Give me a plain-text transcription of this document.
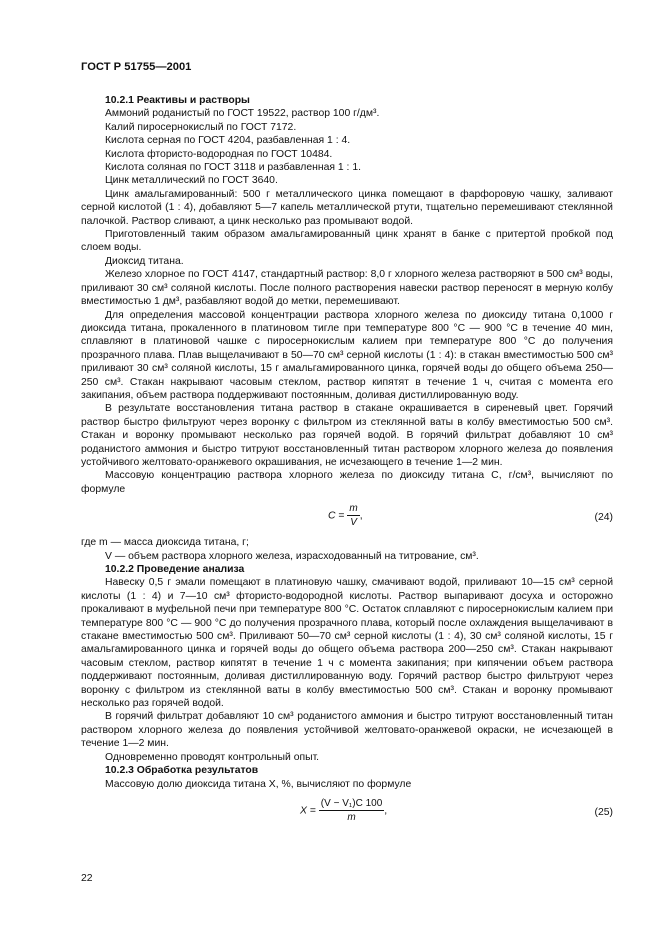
ГОСТ Р 51755—2001

10.2.1 Реактивы и растворы

Аммоний роданистый по ГОСТ 19522, раствор 100 г/дм³.

Калий пиросернокислый по ГОСТ 7172.

Кислота серная по ГОСТ 4204, разбавленная 1 : 4.

Кислота фтористо-водородная по ГОСТ 10484.

Кислота соляная по ГОСТ 3118 и разбавленная 1 : 1.

Цинк металлический по ГОСТ 3640.

Цинк амальгамированный: 500 г металлического цинка помещают в фарфоровую чашку, заливают серной кислотой (1 : 4), добавляют 5—7 капель металлической ртути, тщательно перемешивают стеклянной палочкой. Раствор сливают, а цинк несколько раз промывают водой.

Приготовленный таким образом амальгамированный цинк хранят в банке с притертой пробкой под слоем воды.

Диоксид титана.

Железо хлорное по ГОСТ 4147, стандартный раствор: 8,0 г хлорного железа растворяют в 500 см³ воды, приливают 30 см³ соляной кислоты. После полного растворения навески раствор переносят в мерную колбу вместимостью 1 дм³, разбавляют водой до метки, перемешивают.

Для определения массовой концентрации раствора хлорного железа по диоксиду титана 0,1000 г диоксида титана, прокаленного в платиновом тигле при температуре 800 °С — 900 °С в течение 40 мин, сплавляют в платиновой чашке с пиросернокислым калием при температуре 800 °С до получения прозрачного плава. Плав выщелачивают в 50—70 см³ серной кислоты (1 : 4): в стакан вместимостью 500 см³ приливают 30 см³ соляной кислоты, 15 г амальгамированного цинка, горячей воды до общего объема 250—250 см³. Стакан накрывают часовым стеклом, раствор кипятят в течение 1 ч, считая с момента его закипания, объем раствора поддерживают постоянным, доливая дистиллированную воду.

В результате восстановления титана раствор в стакане окрашивается в сиреневый цвет. Горячий раствор быстро фильтруют через воронку с фильтром из стеклянной ваты в колбу вместимостью 500 см³. Стакан и воронку промывают несколько раз горячей водой. В горячий фильтрат добавляют 10 см³ роданистого аммония и быстро титруют восстановленный титан раствором хлорного железа до появления устойчивого желтовато-оранжевого окрашивания, не исчезающего в течение 1—2 мин.

Массовую концентрацию раствора хлорного железа по диоксиду титана С, г/см³, вычисляют по формуле

$C = \frac{m}{V}$ ,	(24)

где m — масса диоксида титана, г;

V — объем раствора хлорного железа, израсходованный на титрование, см³.

10.2.2 Проведение анализа

Навеску 0,5 г эмали помещают в платиновую чашку, смачивают водой, приливают 10—15 см³ серной кислоты (1 : 4) и 7—10 см³ фтористо-водородной кислоты. Раствор выпаривают досуха и осторожно прокаливают в муфельной печи при температуре 800 °С. Остаток сплавляют с пиросернокислым калием при температуре 800 °С — 900 °С до получения прозрачного плава, который после охлаждения выщелачивают в стакане вместимостью 500 см³. Приливают 50—70 см³ серной кислоты (1 : 4), 30 см³ соляной кислоты, 15 г амальгамированного цинка и горячей воды до общего объема раствора 200—250 см³. Стакан накрывают часовым стеклом, раствор кипятят в течение 1 ч с момента закипания; при кипячении объем раствора поддерживают постоянным, доливая дистиллированную воду. Горячий раствор быстро фильтруют через воронку с фильтром из стеклянной ваты в колбу вместимостью 500 см³. Стакан и воронку промывают несколько раз горячей водой.

В горячий фильтрат добавляют 10 см³ роданистого аммония и быстро титруют восстановленный титан раствором хлорного железа до появления устойчивой желтовато-оранжевой окраски, не исчезающей в течение 1—2 мин.

Одновременно проводят контрольный опыт.

10.2.3 Обработка результатов

Массовую долю диоксида титана X, %, вычисляют по формуле

$X = \frac{\text{(V − V₁)C 100}}{m}$ ,	(25)
22
